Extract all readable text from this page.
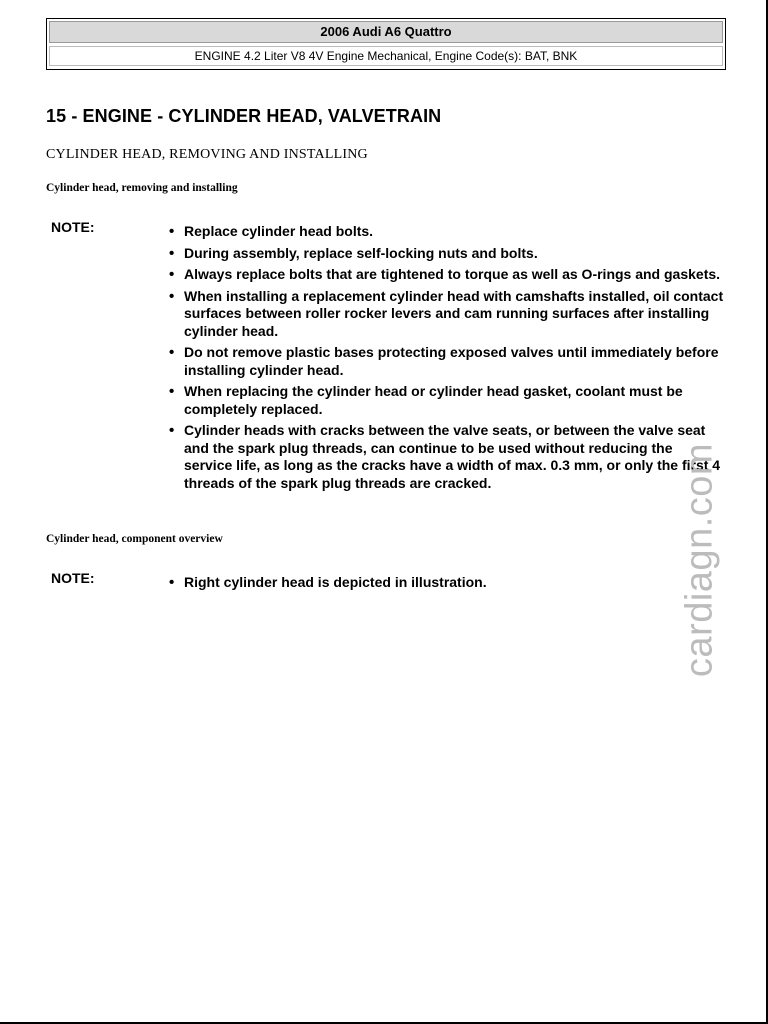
2006 Audi A6 Quattro
ENGINE 4.2 Liter V8 4V Engine Mechanical, Engine Code(s): BAT, BNK
15 - ENGINE - CYLINDER HEAD, VALVETRAIN
CYLINDER HEAD, REMOVING AND INSTALLING
Cylinder head, removing and installing
NOTE:	• Replace cylinder head bolts.
• During assembly, replace self-locking nuts and bolts.
• Always replace bolts that are tightened to torque as well as O-rings and gaskets.
• When installing a replacement cylinder head with camshafts installed, oil contact surfaces between roller rocker levers and cam running surfaces after installing cylinder head.
• Do not remove plastic bases protecting exposed valves until immediately before installing cylinder head.
• When replacing the cylinder head or cylinder head gasket, coolant must be completely replaced.
• Cylinder heads with cracks between the valve seats, or between the valve seat and the spark plug threads, can continue to be used without reducing the service life, as long as the cracks have a width of max. 0.3 mm, or only the first 4 threads of the spark plug threads are cracked.
Cylinder head, component overview
NOTE:	• Right cylinder head is depicted in illustration.	cardiagn.com
